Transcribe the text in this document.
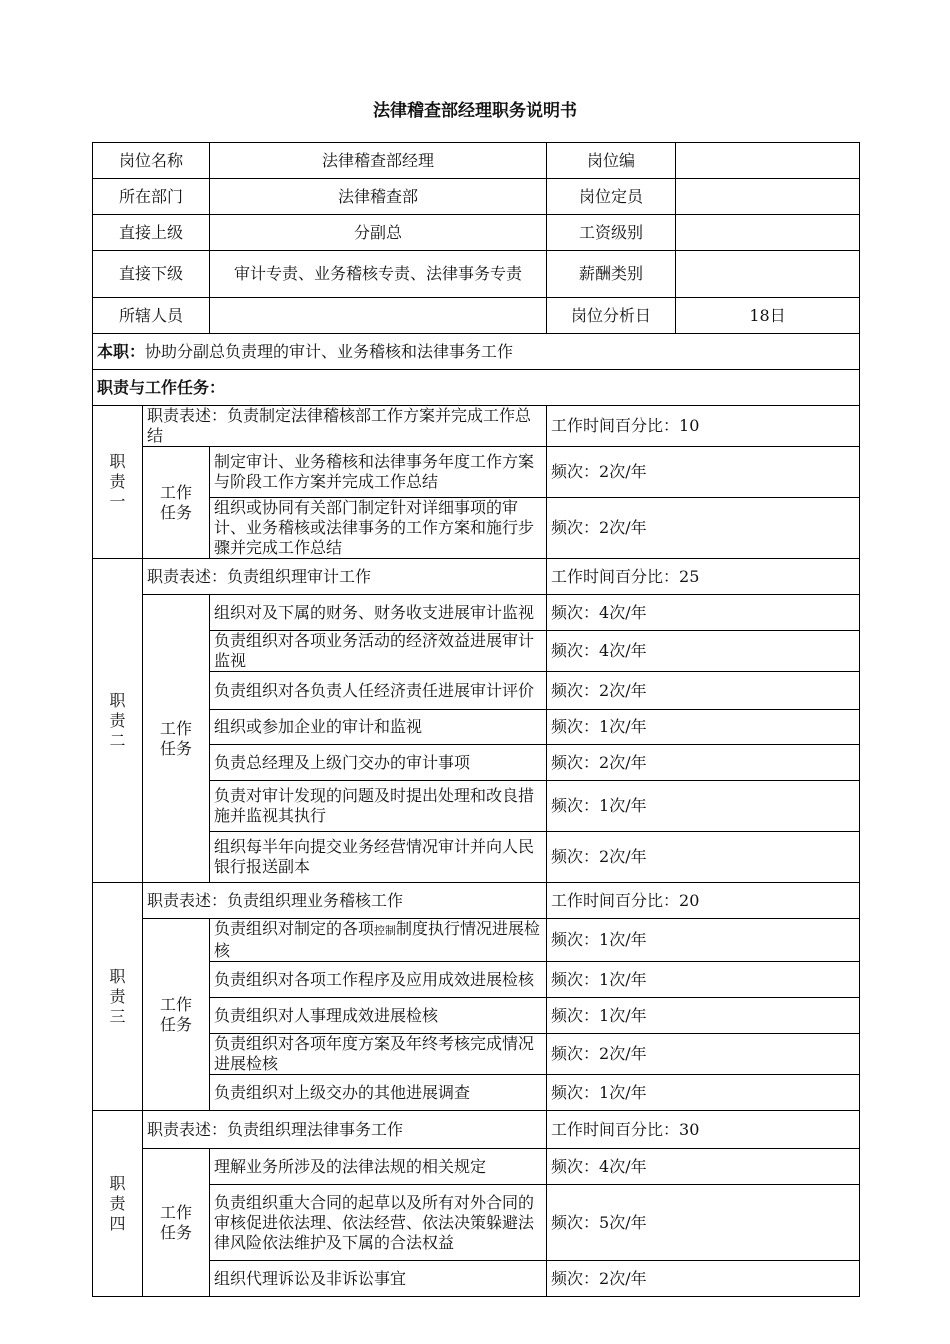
法律稽查部经理职务说明书
岗位名称		法律稽查部经理	岗位编	
所在部门		法律稽查部	岗位定员	
直接上级		分副总	工资级别	
直接下级		审计专责、业务稽核专责、法律事务专责	薪酬类别	
所辖人员			岗位分析日	18日
本职：协助分副总负责理的审计、业务稽核和法律事务工作				
职责与工作任务：				
职责一	职责表述：负责制定法律稽核部工作方案并完成工作总结		工作时间百分比：10	
	工作任务	制定审计、业务稽核和法律事务年度工作方案与阶段工作方案并完成工作总结	频次：2次/年	
		组织或协同有关部门制定针对详细事项的审计、业务稽核或法律事务的工作方案和施行步骤并完成工作总结	频次：2次/年	
职责二	职责表述：负责组织理审计工作		工作时间百分比：25	
	工作任务	组织对及下属的财务、财务收支进展审计监视	频次：4次/年	
		负责组织对各项业务活动的经济效益进展审计监视	频次：4次/年	
		负责组织对各负责人任经济责任进展审计评价	频次：2次/年	
		组织或参加企业的审计和监视	频次：1次/年	
		负责总经理及上级门交办的审计事项	频次：2次/年	
		负责对审计发现的问题及时提出处理和改良措施并监视其执行	频次：1次/年	
		组织每半年向提交业务经营情况审计并向人民银行报送副本	频次：2次/年	
职责三	职责表述：负责组织理业务稽核工作		工作时间百分比：20	
	工作任务	负责组织对制定的各项控制制度执行情况进展检核	频次：1次/年	
		负责组织对各项工作程序及应用成效进展检核	频次：1次/年	
		负责组织对人事理成效进展检核	频次：1次/年	
		负责组织对各项年度方案及年终考核完成情况进展检核	频次：2次/年	
		负责组织对上级交办的其他进展调查	频次：1次/年	
职责四	职责表述：负责组织理法律事务工作		工作时间百分比：30	
	工作任务	理解业务所涉及的法律法规的相关规定	频次：4次/年	
		负责组织重大合同的起草以及所有对外合同的审核促进依法理、依法经营、依法决策躲避法律风险依法维护及下属的合法权益	频次：5次/年	
		组织代理诉讼及非诉讼事宜	频次：2次/年	
